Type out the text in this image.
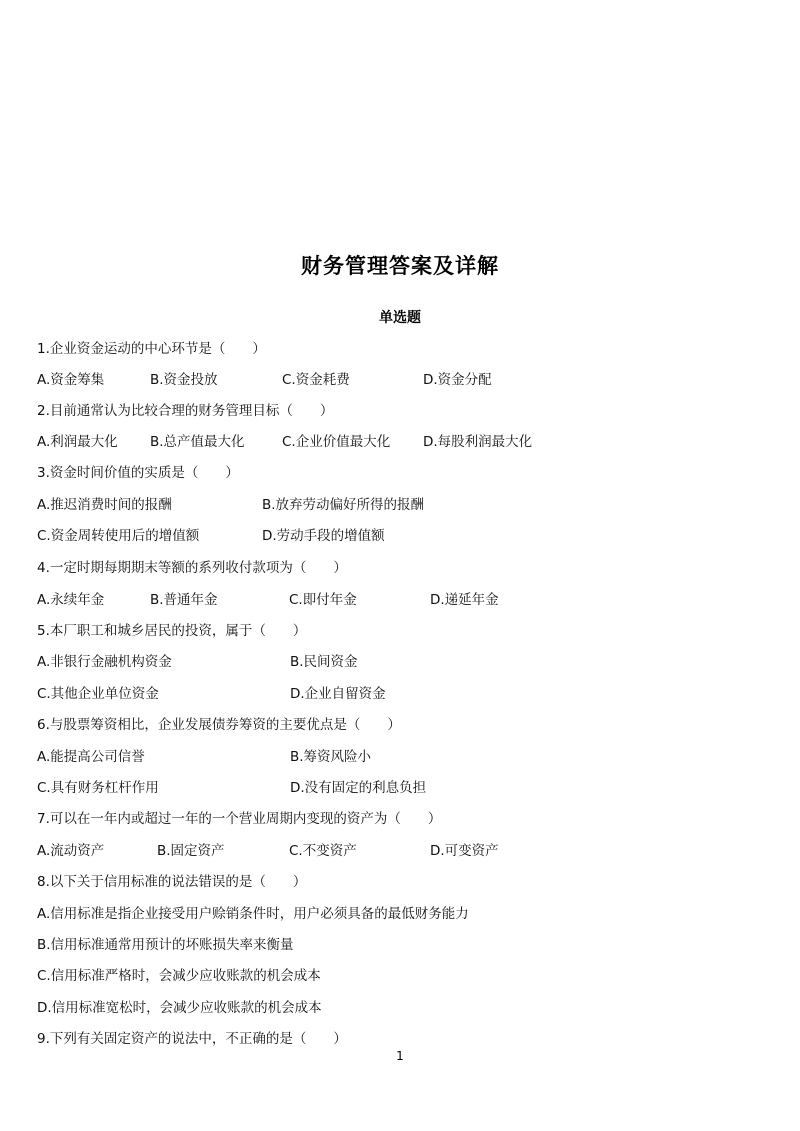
财务管理答案及详解
单选题
1.企业资金运动的中心环节是（　　）
A.资金筹集	B.资金投放	C.资金耗费	D.资金分配
2.目前通常认为比较合理的财务管理目标（　　）
A.利润最大化 B.总产值最大化	C.企业价值最大化 D.每股利润最大化
3.资金时间价值的实质是（　　）
A.推迟消费时间的报酬	B.放弃劳动偏好所得的报酬
C.资金周转使用后的增值额	D.劳动手段的增值额
4.一定时期每期期末等额的系列收付款项为（　　）
A.永续年金	B.普通年金	C.即付年金	D.递延年金
5.本厂职工和城乡居民的投资，属于（　　）
A.非银行金融机构资金	B.民间资金
C.其他企业单位资金	D.企业自留资金
6.与股票筹资相比，企业发展债券筹资的主要优点是（　　）
A.能提高公司信誉	B.筹资风险小
C.具有财务杠杆作用	D.没有固定的利息负担
7.可以在一年内或超过一年的一个营业周期内变现的资产为（　　）
A.流动资产	B.固定资产	C.不变资产	D.可变资产
8.以下关于信用标准的说法错误的是（　　）
A.信用标准是指企业接受用户赊销条件时，用户必须具备的最低财务能力
B.信用标准通常用预计的坏账损失率来衡量
C.信用标准严格时，会减少应收账款的机会成本
D.信用标准宽松时，会减少应收账款的机会成本
9.下列有关固定资产的说法中，不正确的是（　　）
1
